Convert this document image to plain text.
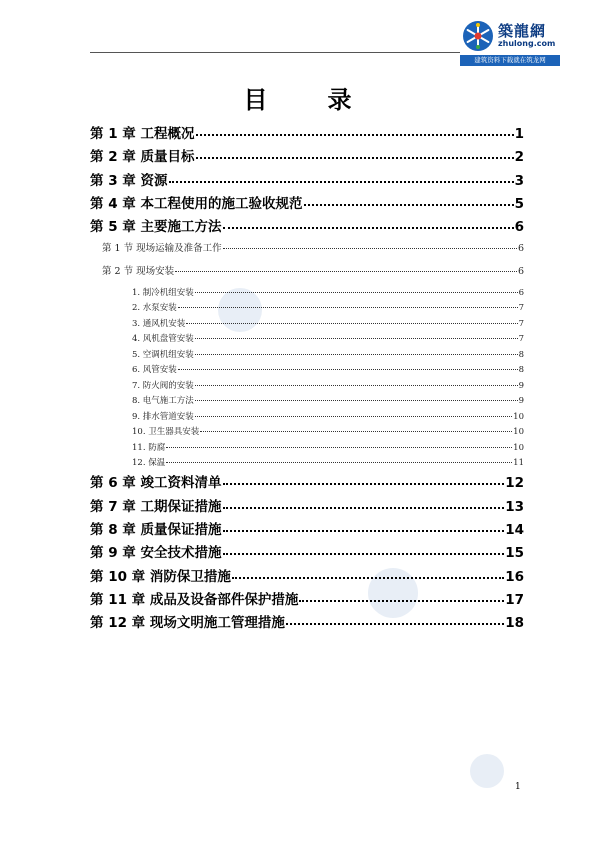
築龍網
zhulong.com
建筑资料下载就在筑龙网
目	录
第 1 章 工程概况	1
第 2 章 质量目标	2
第 3 章 资源	3
第 4 章 本工程使用的施工验收规范	5
第 5 章 主要施工方法	6
第 1 节 现场运输及准备工作	6
第 2 节 现场安装	6
1. 制冷机组安装	6
2. 水泵安装	7
3. 通风机安装	7
4. 风机盘管安装	7
5. 空调机组安装	8
6. 风管安装	8
7. 防火阀的安装	9
8. 电气施工方法	9
9. 排水管道安装	10
10. 卫生器具安装	10
11. 防腐	10
12. 保温	11
第 6 章 竣工资料清单	12
第 7 章 工期保证措施	13
第 8 章 质量保证措施	14
第 9 章 安全技术措施	15
第 10 章 消防保卫措施	16
第 11 章 成品及设备部件保护措施	17
第 12 章 现场文明施工管理措施	18
1
